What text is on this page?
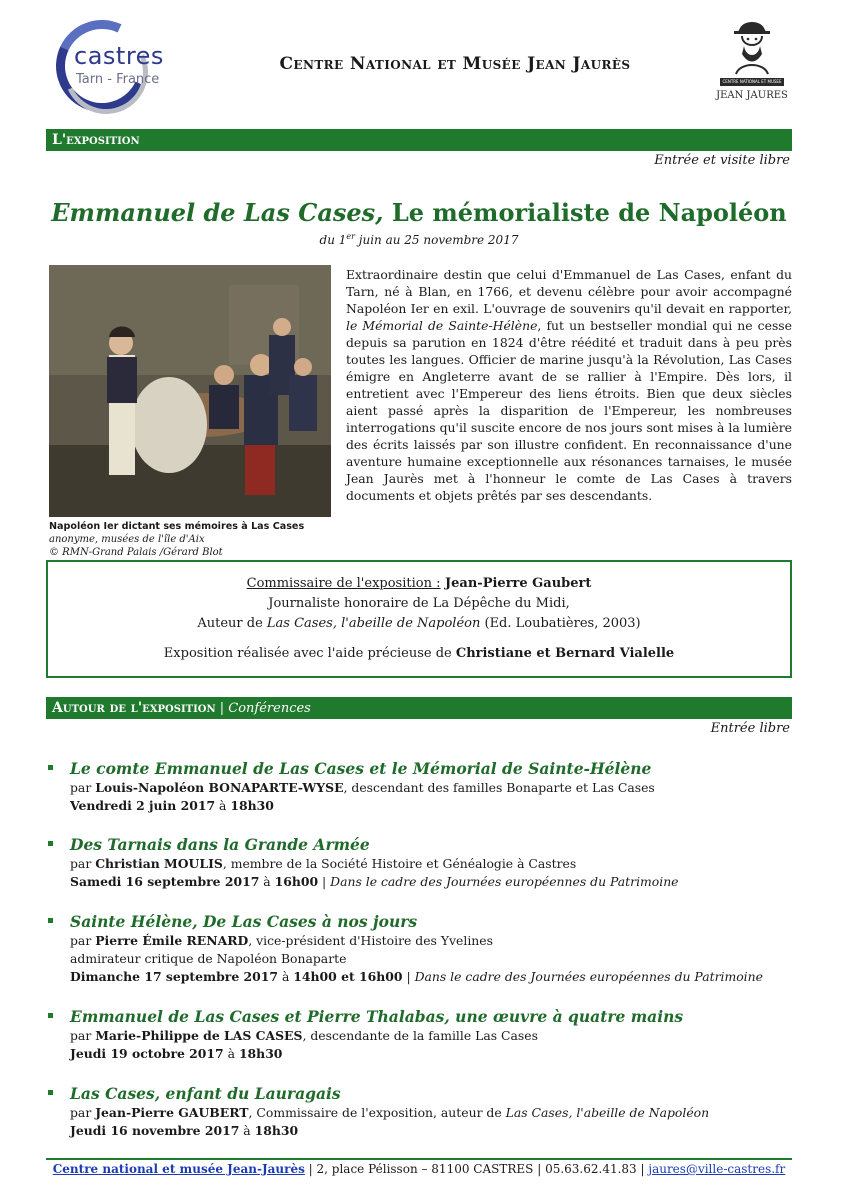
castres
Tarn - France
Centre National et Musée Jean Jaurès
CENTRE NATIONAL ET MUSEE
JEAN JAURES
L'exposition
Entrée et visite libre
Emmanuel de Las Cases, Le mémorialiste de Napoléon
du 1er juin au 25 novembre 2017
Napoléon Ier dictant ses mémoires à Las Cases
anonyme, musées de l'île d'Aix
© RMN-Grand Palais /Gérard Blot
Extraordinaire destin que celui d'Emmanuel de Las Cases, enfant du Tarn, né à Blan, en 1766, et devenu célèbre pour avoir accompagné Napoléon Ier en exil. L'ouvrage de souvenirs qu'il devait en rapporter, le Mémorial de Sainte-Hélène, fut un bestseller mondial qui ne cesse depuis sa parution en 1824 d'être réédité et traduit dans à peu près toutes les langues. Officier de marine jusqu'à la Révolution, Las Cases émigre en Angleterre avant de se rallier à l'Empire. Dès lors, il entretient avec l'Empereur des liens étroits. Bien que deux siècles aient passé après la disparition de l'Empereur, les nombreuses interrogations qu'il suscite encore de nos jours sont mises à la lumière des écrits laissés par son illustre confident. En reconnaissance d'une aventure humaine exceptionnelle aux résonances tarnaises, le musée Jean Jaurès met à l'honneur le comte de Las Cases à travers documents et objets prêtés par ses descendants.
Commissaire de l'exposition : Jean-Pierre Gaubert
Journaliste honoraire de La Dépêche du Midi,
Auteur de Las Cases, l'abeille de Napoléon (Ed. Loubatières, 2003)
Exposition réalisée avec l'aide précieuse de Christiane et Bernard Vialelle
Autour de l'exposition | Conférences
Entrée libre
Le comte Emmanuel de Las Cases et le Mémorial de Sainte-Hélène
par Louis-Napoléon BONAPARTE-WYSE, descendant des familles Bonaparte et Las Cases
Vendredi 2 juin 2017 à 18h30
Des Tarnais dans la Grande Armée
par Christian MOULIS, membre de la Société Histoire et Généalogie à Castres
Samedi 16 septembre 2017 à 16h00 | Dans le cadre des Journées européennes du Patrimoine
Sainte Hélène, De Las Cases à nos jours
par Pierre Émile RENARD, vice-président d'Histoire des Yvelines
admirateur critique de Napoléon Bonaparte
Dimanche 17 septembre 2017 à 14h00 et 16h00 | Dans le cadre des Journées européennes du Patrimoine
Emmanuel de Las Cases et Pierre Thalabas, une œuvre à quatre mains
par Marie-Philippe de LAS CASES, descendante de la famille Las Cases
Jeudi 19 octobre 2017 à 18h30
Las Cases, enfant du Lauragais
par Jean-Pierre GAUBERT, Commissaire de l'exposition, auteur de Las Cases, l'abeille de Napoléon
Jeudi 16 novembre 2017 à 18h30
Centre national et musée Jean-Jaurès | 2, place Pélisson – 81100 CASTRES | 05.63.62.41.83 | jaures@ville-castres.fr
